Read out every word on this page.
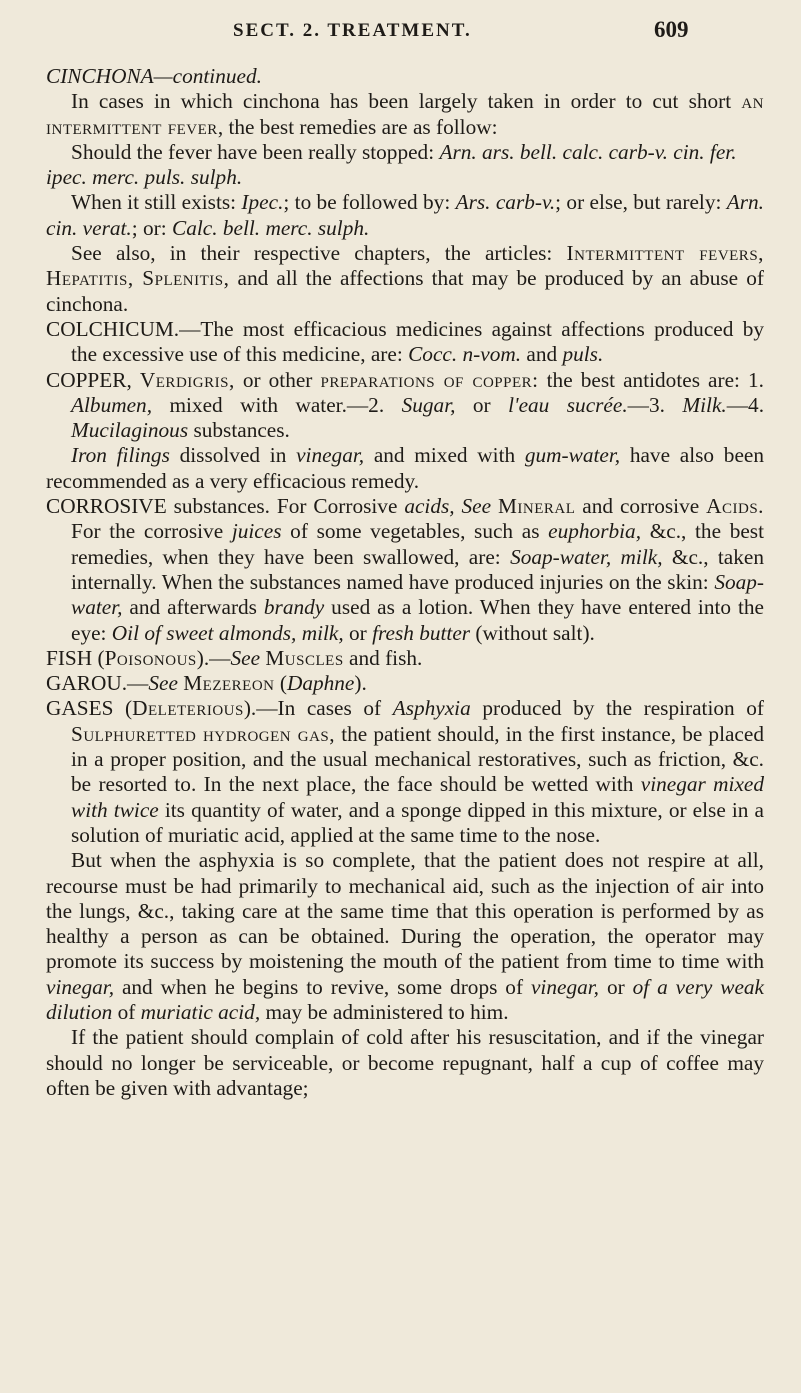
SECT. 2. TREATMENT.	609

CINCHONA—continued.

In cases in which cinchona has been largely taken in order to cut short an intermittent fever, the best remedies are as follow:

Should the fever have been really stopped: Arn. ars. bell. calc. carb-v. cin. fer. ipec. merc. puls. sulph.

When it still exists: Ipec.; to be followed by: Ars. carb-v.; or else, but rarely: Arn. cin. verat.; or: Calc. bell. merc. sulph.

See also, in their respective chapters, the articles: Intermittent fevers, Hepatitis, Splenitis, and all the affections that may be produced by an abuse of cinchona.

COLCHICUM.—The most efficacious medicines against affections produced by the excessive use of this medicine, are: Cocc. n-vom. and puls.

COPPER, Verdigris, or other preparations of copper: the best antidotes are: 1. Albumen, mixed with water.—2. Sugar, or l'eau sucrée.—3. Milk.—4. Mucilaginous substances.

Iron filings dissolved in vinegar, and mixed with gum-water, have also been recommended as a very efficacious remedy.

CORROSIVE substances. For Corrosive acids, See Mineral and corrosive Acids. For the corrosive juices of some vegetables, such as euphorbia, &c., the best remedies, when they have been swallowed, are: Soap-water, milk, &c., taken internally. When the substances named have produced injuries on the skin: Soap-water, and afterwards brandy used as a lotion. When they have entered into the eye: Oil of sweet almonds, milk, or fresh butter (without salt).

FISH (Poisonous).—See Muscles and fish.

GAROU.—See Mezereon (Daphne).

GASES (Deleterious).—In cases of Asphyxia produced by the respiration of Sulphuretted hydrogen gas, the patient should, in the first instance, be placed in a proper position, and the usual mechanical restoratives, such as friction, &c. be resorted to. In the next place, the face should be wetted with vinegar mixed with twice its quantity of water, and a sponge dipped in this mixture, or else in a solution of muriatic acid, applied at the same time to the nose.

But when the asphyxia is so complete, that the patient does not respire at all, recourse must be had primarily to mechanical aid, such as the injection of air into the lungs, &c., taking care at the same time that this operation is performed by as healthy a person as can be obtained. During the operation, the operator may promote its success by moistening the mouth of the patient from time to time with vinegar, and when he begins to revive, some drops of vinegar, or of a very weak dilution of muriatic acid, may be administered to him.

If the patient should complain of cold after his resuscitation, and if the vinegar should no longer be serviceable, or become repugnant, half a cup of coffee may often be given with advantage;
